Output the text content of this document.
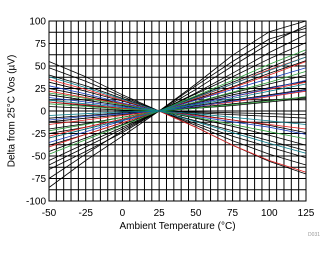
100
75
50
25
0
-25
-50
-75
-100
-50 -25	0	25	50	75 100 125
Ambient Temperature (°C)
Delta from 25°C Vos (µV)
D031
